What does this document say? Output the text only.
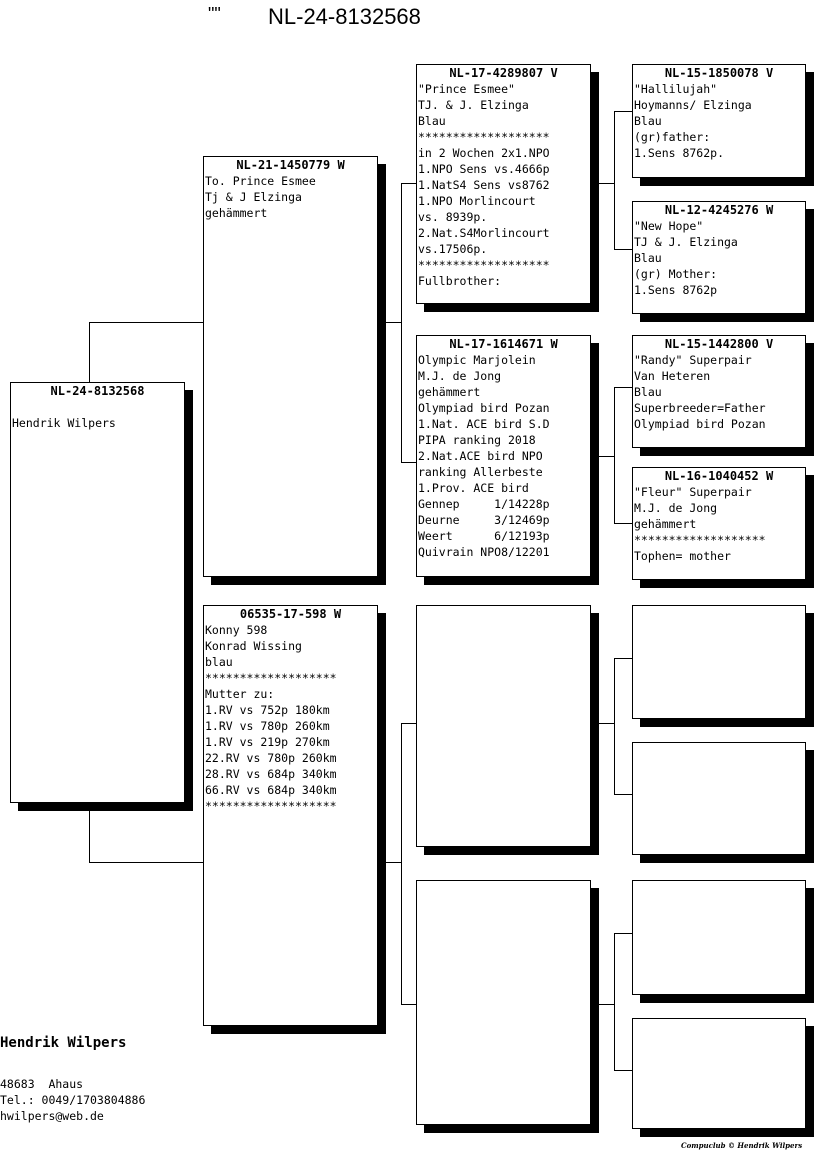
"" NL-24-8132568
NL-24-8132568

Hendrik Wilpers
NL-21-1450779 W
To. Prince Esmee
Tj & J Elzinga
gehämmert
06535-17-598 W
Konny 598
Konrad Wissing
blau
*******************
Mutter zu:
1.RV vs 752p 180km
1.RV vs 780p 260km
1.RV vs 219p 270km
22.RV vs 780p 260km
28.RV vs 684p 340km
66.RV vs 684p 340km
*******************
NL-17-4289807 V
"Prince Esmee"
TJ. & J. Elzinga
Blau
*******************
in 2 Wochen 2x1.NPO
1.NPO Sens vs.4666p
1.NatS4 Sens vs8762
1.NPO Morlincourt
vs. 8939p.
2.Nat.S4Morlincourt
vs.17506p.
*******************
Fullbrother:
NL-17-1614671 W
Olympic Marjolein
M.J. de Jong
gehämmert
Olympiad bird Pozan
1.Nat. ACE bird S.D
PIPA ranking 2018
2.Nat.ACE bird NPO
ranking Allerbeste
1.Prov. ACE bird
Gennep     1/14228p
Deurne     3/12469p
Weert      6/12193p
Quivrain NPO8/12201
NL-15-1850078 V
"Hallilujah"
Hoymanns/ Elzinga
Blau
(gr)father:
1.Sens 8762p.
NL-12-4245276 W
"New Hope"
TJ & J. Elzinga
Blau
(gr) Mother:
1.Sens 8762p
NL-15-1442800 V
"Randy" Superpair
Van Heteren
Blau
Superbreeder=Father
Olympiad bird Pozan
NL-16-1040452 W
"Fleur" Superpair
M.J. de Jong
gehämmert
*******************
Tophen= mother
Hendrik Wilpers
48683  Ahaus
Tel.: 0049/1703804886
hwilpers@web.de
Compuclub © Hendrik Wilpers
